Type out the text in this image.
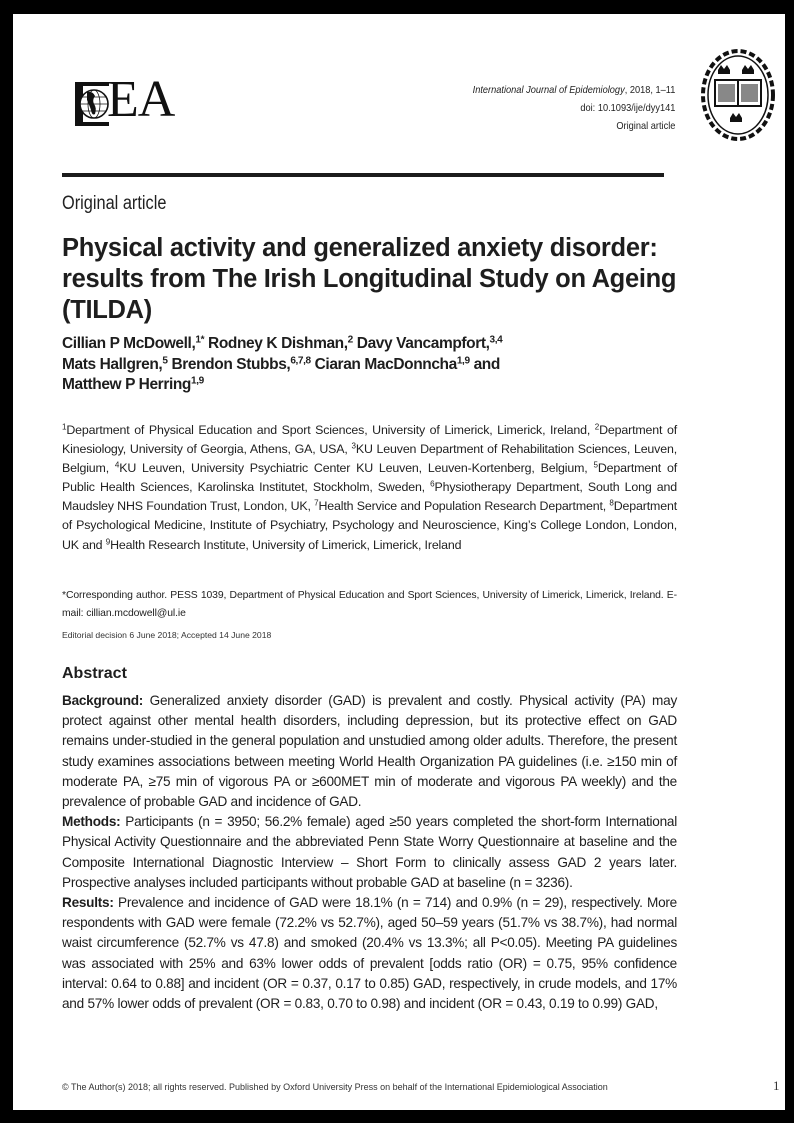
EA	International Journal of Epidemiology, 2018, 1–11
doi: 10.1093/ije/dyy141
Original article
Original article
Physical activity and generalized anxiety disorder: results from The Irish Longitudinal Study on Ageing (TILDA)
Cillian P McDowell,$^{1*}$ Rodney K Dishman,$^2$ Davy Vancampfort,$^{3,4}$
Mats Hallgren,$^5$ Brendon Stubbs,$^{6,7,8}$ Ciaran MacDonncha$^{1,9}$ and
Matthew P Herring$^{1,9}$
$^1$Department of Physical Education and Sport Sciences, University of Limerick, Limerick, Ireland, $^2$Department of Kinesiology, University of Georgia, Athens, GA, USA, $^3$KU Leuven Department of Rehabilitation Sciences, Leuven, Belgium, $^4$KU Leuven, University Psychiatric Center KU Leuven, Leuven-Kortenberg, Belgium, $^5$Department of Public Health Sciences, Karolinska Institutet, Stockholm, Sweden, $^6$Physiotherapy Department, South Long and Maudsley NHS Foundation Trust, London, UK, $^7$Health Service and Population Research Department, $^8$Department of Psychological Medicine, Institute of Psychiatry, Psychology and Neuroscience, King’s College London, London, UK and $^9$Health Research Institute, University of Limerick, Limerick, Ireland
*Corresponding author. PESS 1039, Department of Physical Education and Sport Sciences, University of Limerick, Limerick, Ireland. E-mail: cillian.mcdowell@ul.ie
Editorial decision 6 June 2018; Accepted 14 June 2018
Abstract

Background: Generalized anxiety disorder (GAD) is prevalent and costly. Physical activity (PA) may protect against other mental health disorders, including depression, but its protective effect on GAD remains under-studied in the general population and unstudied among older adults. Therefore, the present study examines associations between meeting World Health Organization PA guidelines (i.e. ≥150 min of moderate PA, ≥75 min of vigorous PA or ≥600MET min of moderate and vigorous PA weekly) and the prevalence of probable GAD and incidence of GAD.

Methods: Participants (n = 3950; 56.2% female) aged ≥50 years completed the short-form International Physical Activity Questionnaire and the abbreviated Penn State Worry Questionnaire at baseline and the Composite International Diagnostic Interview – Short Form to clinically assess GAD 2 years later. Prospective analyses included participants without probable GAD at baseline (n = 3236).

Results: Prevalence and incidence of GAD were 18.1% (n = 714) and 0.9% (n = 29), respectively. More respondents with GAD were female (72.2% vs 52.7%), aged 50–59 years (51.7% vs 38.7%), had normal waist circumference (52.7% vs 47.8) and smoked (20.4% vs 13.3%; all P<0.05). Meeting PA guidelines was associated with 25% and 63% lower odds of prevalent [odds ratio (OR) = 0.75, 95% confidence interval: 0.64 to 0.88] and incident (OR = 0.37, 0.17 to 0.85) GAD, respectively, in crude models, and 17% and 57% lower odds of prevalent (OR = 0.83, 0.70 to 0.98) and incident (OR = 0.43, 0.19 to 0.99) GAD,

© The Author(s) 2018; all rights reserved. Published by Oxford University Press on behalf of the International Epidemiological Association	1
